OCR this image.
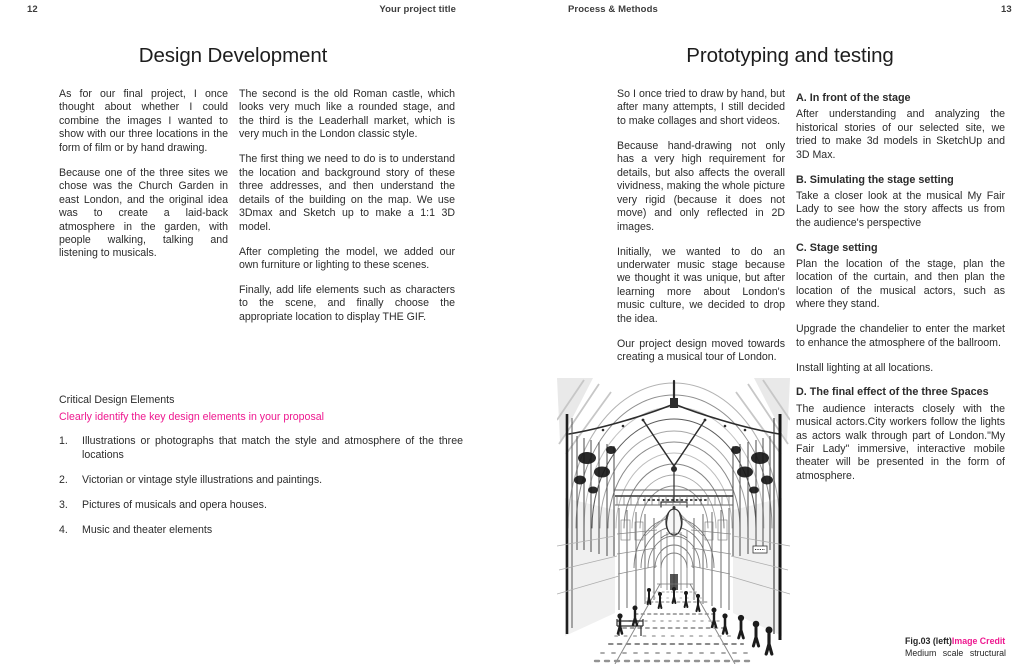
12	Your project title	Process & Methods	13
Design Development	Prototyping and testing

As for our final project, I once thought about whether I could combine the images I wanted to show with our three locations in the form of film or by hand drawing.

Because one of the three sites we chose was the Church Garden in east London, and the original idea was to create a laid-back atmosphere in the garden, with people walking, talking and listening to musicals.

The second is the old Roman castle, which looks very much like a rounded stage, and the third is the Leaderhall market, which is very much in the London classic style.

The first thing we need to do is to understand the location and background story of these three addresses, and then understand the details of the building on the map. We use 3Dmax and Sketch up to make a 1:1 3D model.

After completing the model, we added our own furniture or lighting to these scenes.

Finally, add life elements such as characters to the scene, and finally choose the appropriate location to display THE GIF.

Critical Design Elements
Clearly identify the key design elements in your proposal
1.	Illustrations or photographs that match the style and atmosphere of the three locations
2.	Victorian or vintage style illustrations and paintings.
3.	Pictures of musicals and opera houses.
4.	Music and theater elements

So I once tried to draw by hand, but after many attempts, I still decided to make collages and short videos.

Because hand-drawing not only has a very high requirement for details, but also affects the overall vividness, making the whole picture very rigid (because it does not move) and only reflected in 2D images.

Initially, we wanted to do an underwater music stage because we thought it was unique, but after learning more about London's music culture, we decided to drop the idea.

Our project design moved towards creating a musical tour of London.

A. In front of the stage

After understanding and analyzing the historical stories of our selected site, we tried to make 3d models in SketchUp and 3D Max.

B. Simulating the stage setting

Take a closer look at the musical My Fair Lady to see how the story affects us from the audience's perspective

C. Stage setting

Plan the location of the stage, plan the location of the curtain, and then plan the location of the musical actors, such as where they stand.

Upgrade the chandelier to enter the market to enhance the atmosphere of the ballroom.

Install lighting at all locations.

D. The final effect of the three Spaces

The audience interacts closely with the musical actors.City workers follow the lights as actors walk through part of London."My Fair Lady" immersive, interactive mobile theater will be presented in the form of atmosphere.

Fig.03 (left)Image Credit
Medium scale structural
